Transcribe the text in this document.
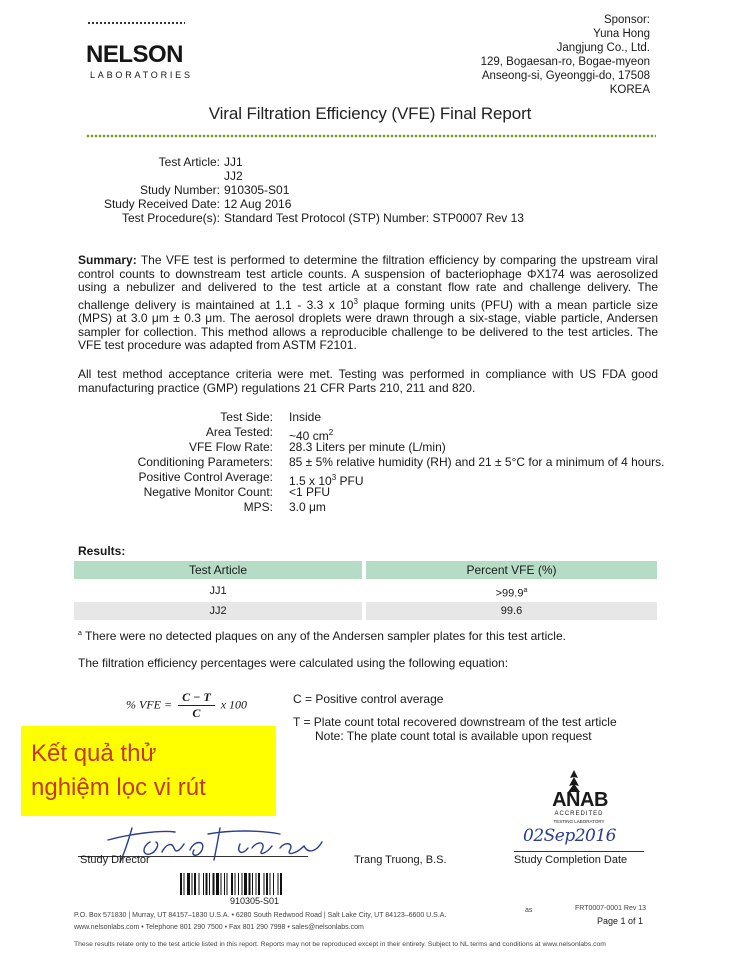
NELSON
LABORATORIES
Sponsor:
Yuna Hong
Jangjung Co., Ltd.
129, Bogaesan-ro, Bogae-myeon
Anseong-si, Gyeonggi-do, 17508
KOREA
Viral Filtration Efficiency (VFE) Final Report
Test Article: JJ1
JJ2
Study Number: 910305-S01
Study Received Date: 12 Aug 2016
Test Procedure(s): Standard Test Protocol (STP) Number: STP0007 Rev 13
Summary: The VFE test is performed to determine the filtration efficiency by comparing the upstream viral control counts to downstream test article counts. A suspension of bacteriophage ΦX174 was aerosolized using a nebulizer and delivered to the test article at a constant flow rate and challenge delivery. The challenge delivery is maintained at 1.1 - 3.3 x $10^3$ plaque forming units (PFU) with a mean particle size (MPS) at 3.0 μm ± 0.3 μm. The aerosol droplets were drawn through a six-stage, viable particle, Andersen sampler for collection. This method allows a reproducible challenge to be delivered to the test articles. The VFE test procedure was adapted from ASTM F2101.
All test method acceptance criteria were met. Testing was performed in compliance with US FDA good manufacturing practice (GMP) regulations 21 CFR Parts 210, 211 and 820.
Test Side: Inside
Area Tested: ~40 $cm^2$
VFE Flow Rate: 28.3 Liters per minute (L/min)
Conditioning Parameters: 85 ± 5% relative humidity (RH) and 21 ± 5°C for a minimum of 4 hours.
Positive Control Average: 1.5 x $10^3$ PFU
Negative Monitor Count: <1 PFU
MPS: 3.0 μm
Results:
Test Article	Percent VFE (%)
JJ1	>99.9$^a$
JJ2	99.6
$^a$ There were no detected plaques on any of the Andersen sampler plates for this test article.
The filtration efficiency percentages were calculated using the following equation:
% VFE = $\frac{C - T}{C}$ x 100	C = Positive control average
T = Plate count total recovered downstream of the test article
Note: The plate count total is available upon request
Kết quả thử
nghiệm lọc vi rút	ANAB
ACCREDITED
TESTING LABORATORY
Study Director	Trang Truong, B.S.
02Sep2016
Study Completion Date
910305-S01
P.O. Box 571830 | Murray, UT 84157–1830 U.S.A. • 6280 South Redwood Road | Salt Lake City, UT 84123–6600 U.S.A.
www.nelsonlabs.com • Telephone 801 290 7500 • Fax 801 290 7998 • sales@nelsonlabs.com
as	FRT0007-0001 Rev 13
Page 1 of 1
These results relate only to the test article listed in this report. Reports may not be reproduced except in their entirety. Subject to NL terms and conditions at www.nelsonlabs.com
